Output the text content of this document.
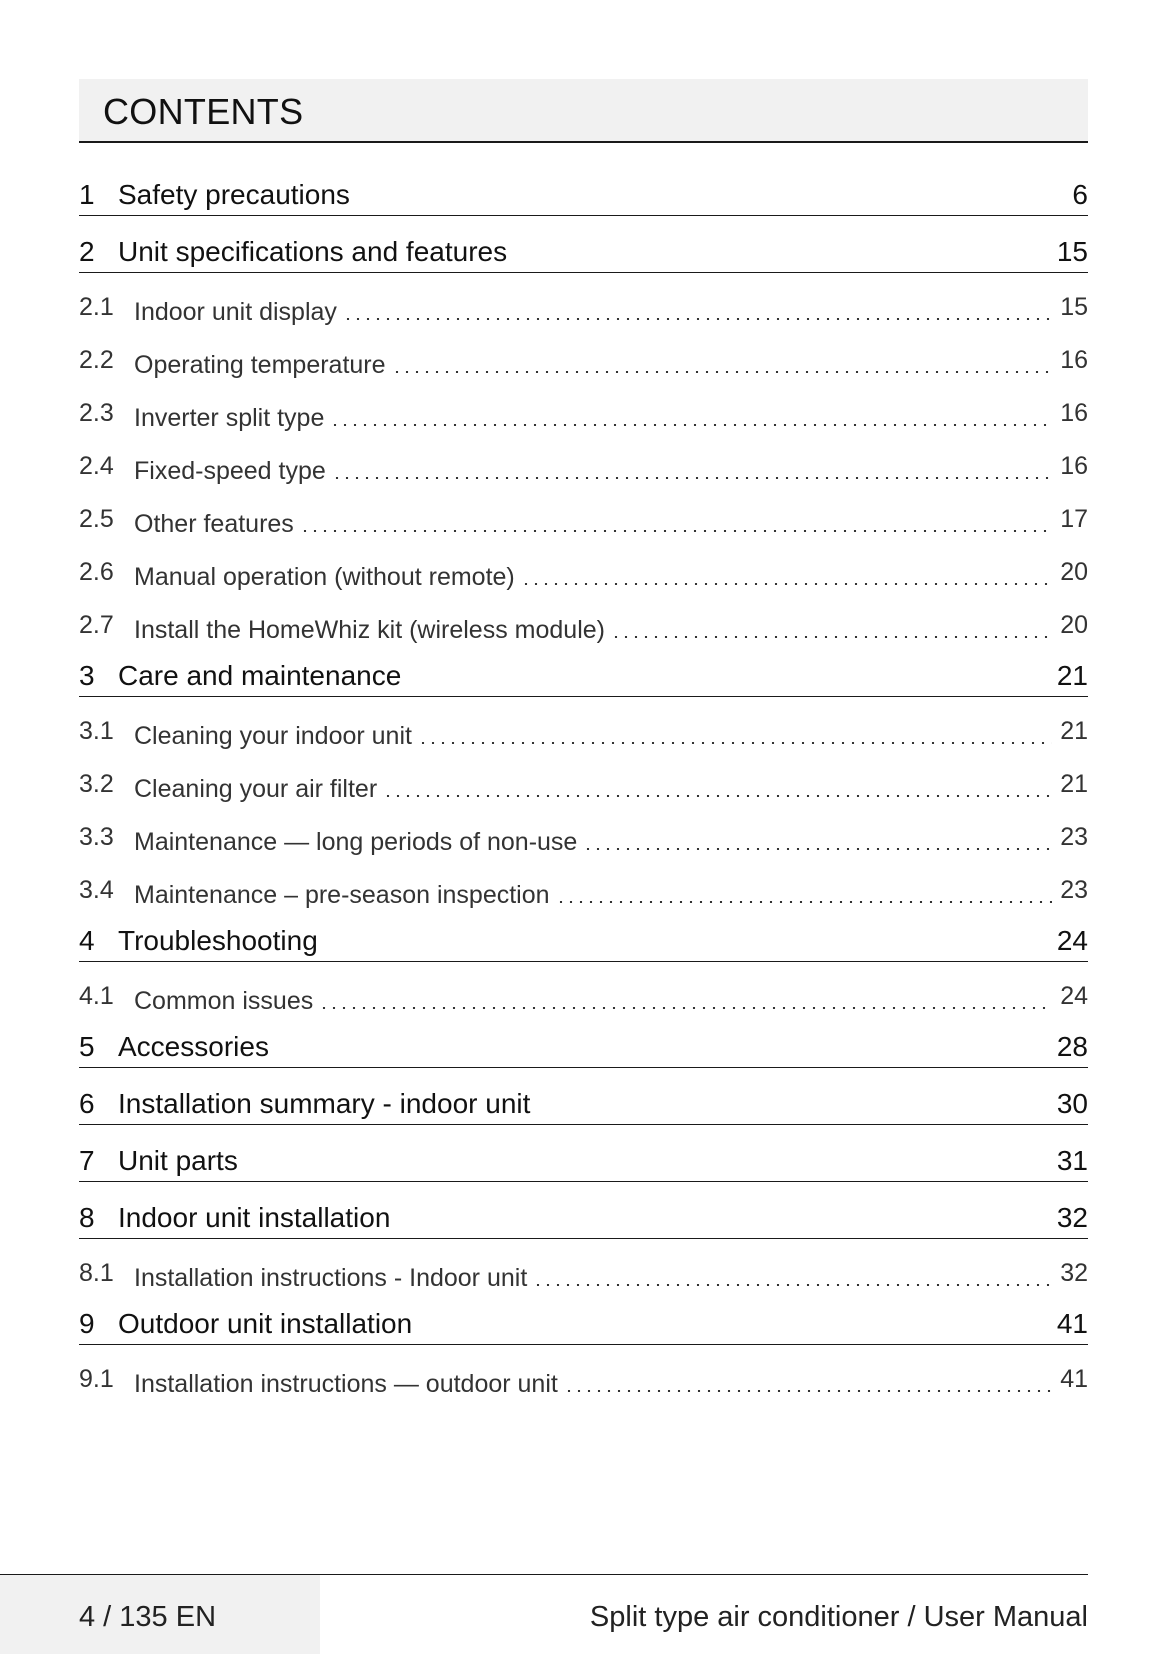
CONTENTS
1 Safety precautions	6
2 Unit specifications and features	15
2.1 Indoor unit display	15
2.2 Operating temperature	16
2.3 Inverter split type	16
2.4 Fixed-speed type	16
2.5 Other features	17
2.6 Manual operation (without remote)	20
2.7 Install the HomeWhiz kit (wireless module)	20
3 Care and maintenance	21
3.1 Cleaning your indoor unit	21
3.2 Cleaning your air filter	21
3.3 Maintenance — long periods of non-use	23
3.4 Maintenance – pre-season inspection	23
4 Troubleshooting	24
4.1 Common issues	24
5 Accessories	28
6 Installation summary - indoor unit	30
7 Unit parts	31
8 Indoor unit installation	32
8.1 Installation instructions - Indoor unit	32
9 Outdoor unit installation	41
9.1 Installation instructions — outdoor unit	41
4 / 135 EN	Split type air conditioner / User Manual
